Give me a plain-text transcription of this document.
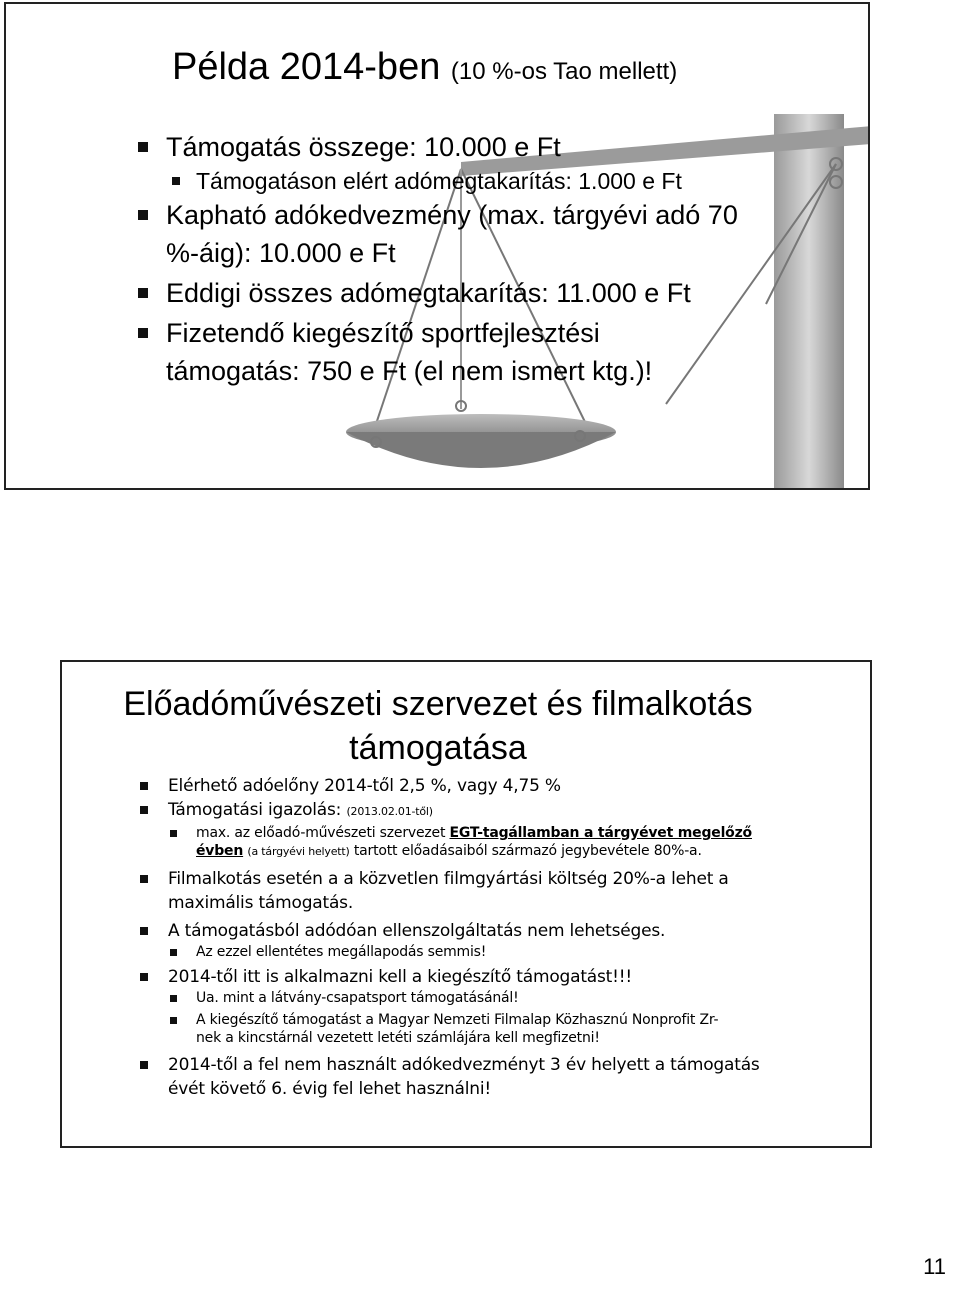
Példa 2014-ben (10 %-os Tao mellett)
Támogatás összege: 10.000 e Ft
Támogatáson elért adómegtakarítás: 1.000 e Ft
Kapható adókedvezmény (max. tárgyévi adó 70 %-áig): 10.000 e Ft
Eddigi összes adómegtakarítás: 11.000 e Ft
Fizetendő kiegészítő sportfejlesztési támogatás: 750 e Ft (el nem ismert ktg.)!
Előadóművészeti szervezet és filmalkotás támogatása
Elérhető adóelőny 2014-től 2,5 %, vagy 4,75 %
Támogatási igazolás: (2013.02.01-től)
max. az előadó-művészeti szervezet EGT-tagállamban a tárgyévet megelőző évben (a tárgyévi helyett) tartott előadásaiból származó jegybevétele 80%-a.
Filmalkotás esetén a a közvetlen filmgyártási költség 20%-a lehet a maximális támogatás.
A támogatásból adódóan ellenszolgáltatás nem lehetséges.
Az ezzel ellentétes megállapodás semmis!
2014-től itt is alkalmazni kell a kiegészítő támogatást!!!
Ua. mint a látvány-csapatsport támogatásánál!
A kiegészítő támogatást a Magyar Nemzeti Filmalap Közhasznú Nonprofit Zr-nek a kincstárnál vezetett letéti számlájára kell megfizetni!
2014-től a fel nem használt adókedvezményt 3 év helyett a támogatás évét követő 6. évig fel lehet használni!
11
